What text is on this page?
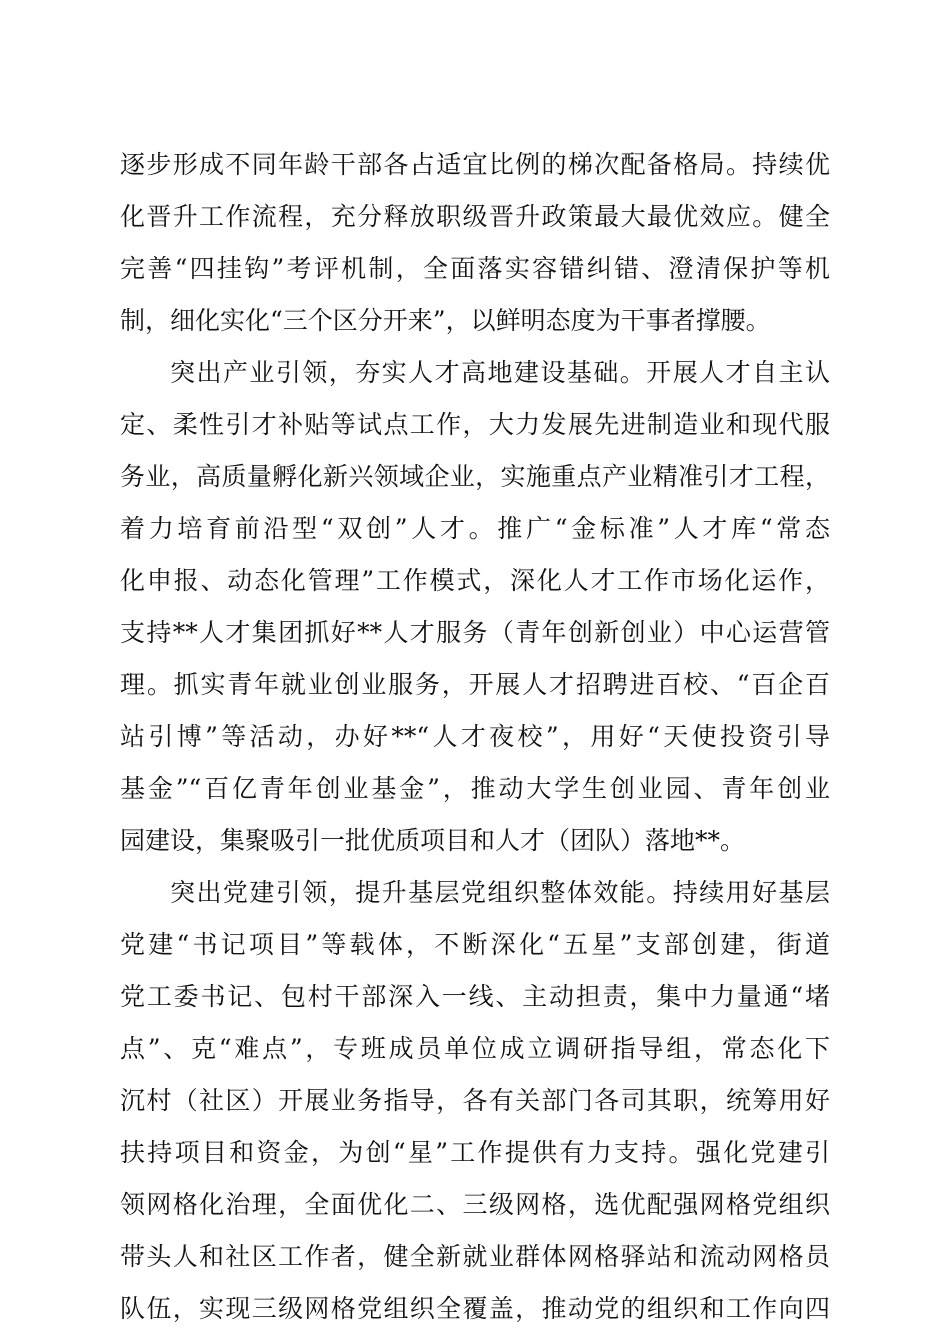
逐步形成不同年龄干部各占适宜比例的梯次配备格局。持续优
化晋升工作流程，充分释放职级晋升政策最大最优效应。健全
完善“四挂钩”考评机制，全面落实容错纠错、澄清保护等机
制，细化实化“三个区分开来”，以鲜明态度为干事者撑腰。
突出产业引领，夯实人才高地建设基础。开展人才自主认
定、柔性引才补贴等试点工作，大力发展先进制造业和现代服
务业，高质量孵化新兴领域企业，实施重点产业精准引才工程，
着力培育前沿型“双创”人才。推广“金标准”人才库“常态
化申报、动态化管理”工作模式，深化人才工作市场化运作，
支持**人才集团抓好**人才服务（青年创新创业）中心运营管
理。抓实青年就业创业服务，开展人才招聘进百校、“百企百
站引博”等活动，办好**“人才夜校”，用好“天使投资引导
基金”“百亿青年创业基金”，推动大学生创业园、青年创业
园建设，集聚吸引一批优质项目和人才（团队）落地**。
突出党建引领，提升基层党组织整体效能。持续用好基层
党建“书记项目”等载体，不断深化“五星”支部创建，街道
党工委书记、包村干部深入一线、主动担责，集中力量通“堵
点”、克“难点”，专班成员单位成立调研指导组，常态化下
沉村（社区）开展业务指导，各有关部门各司其职，统筹用好
扶持项目和资金，为创“星”工作提供有力支持。强化党建引
领网格化治理，全面优化二、三级网格，选优配强网格党组织
带头人和社区工作者，健全新就业群体网格驿站和流动网格员
队伍，实现三级网格党组织全覆盖，推动党的组织和工作向四
